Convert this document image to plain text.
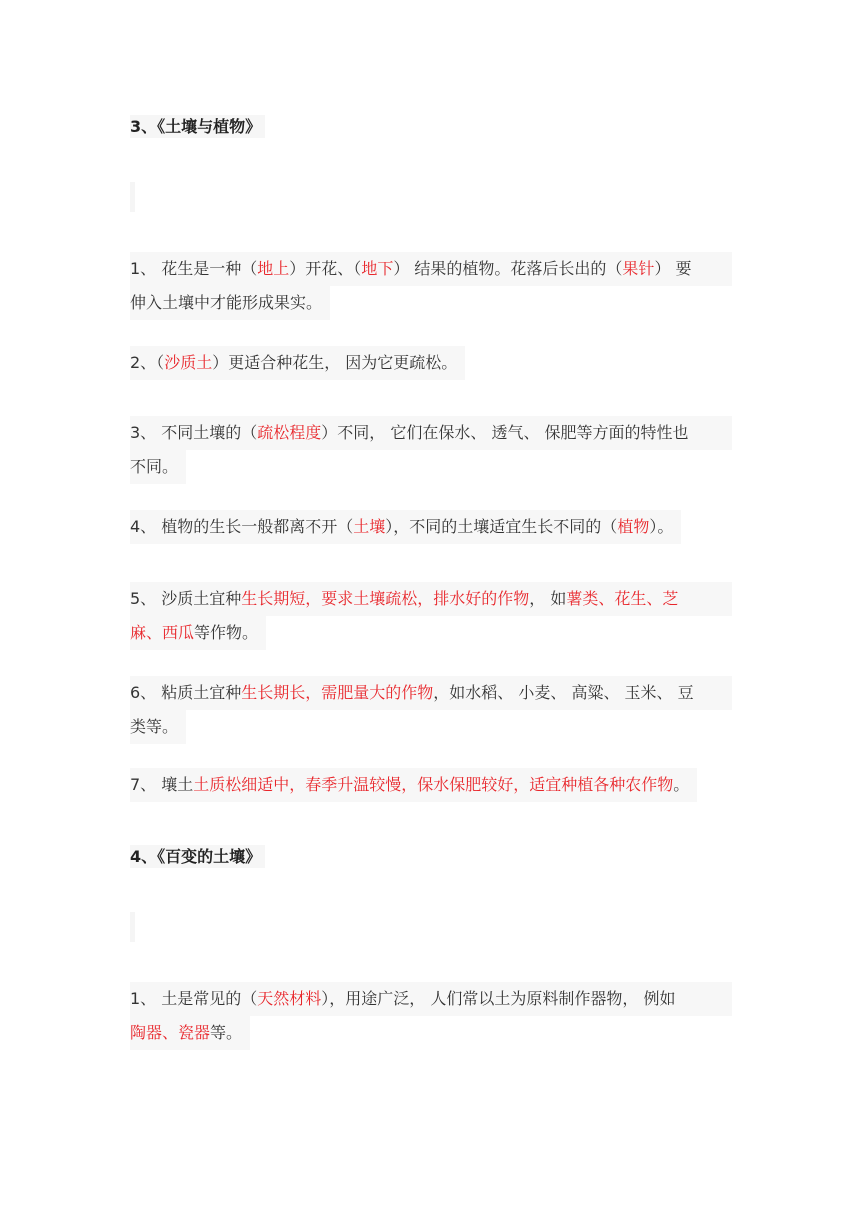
3、《土壤与植物》
1、 花生是一种（地上）开花、（地下） 结果的植物。花落后长出的（果针） 要
伸入土壤中才能形成果实。
2、（沙质土）更适合种花生， 因为它更疏松。
3、 不同土壤的（疏松程度）不同， 它们在保水、 透气、 保肥等方面的特性也
不同。
4、 植物的生长一般都离不开（土壤），不同的土壤适宜生长不同的（植物）。
5、 沙质土宜种生长期短，要求土壤疏松，排水好的作物， 如薯类、花生、芝
麻、西瓜等作物。
6、 粘质土宜种生长期长，需肥量大的作物，如水稻、 小麦、 高粱、 玉米、 豆
类等。
7、 壤土土质松细适中，春季升温较慢，保水保肥较好，适宜种植各种农作物。
4、《百变的土壤》
1、 土是常见的（天然材料），用途广泛， 人们常以土为原料制作器物， 例如
陶器、瓷器等。
